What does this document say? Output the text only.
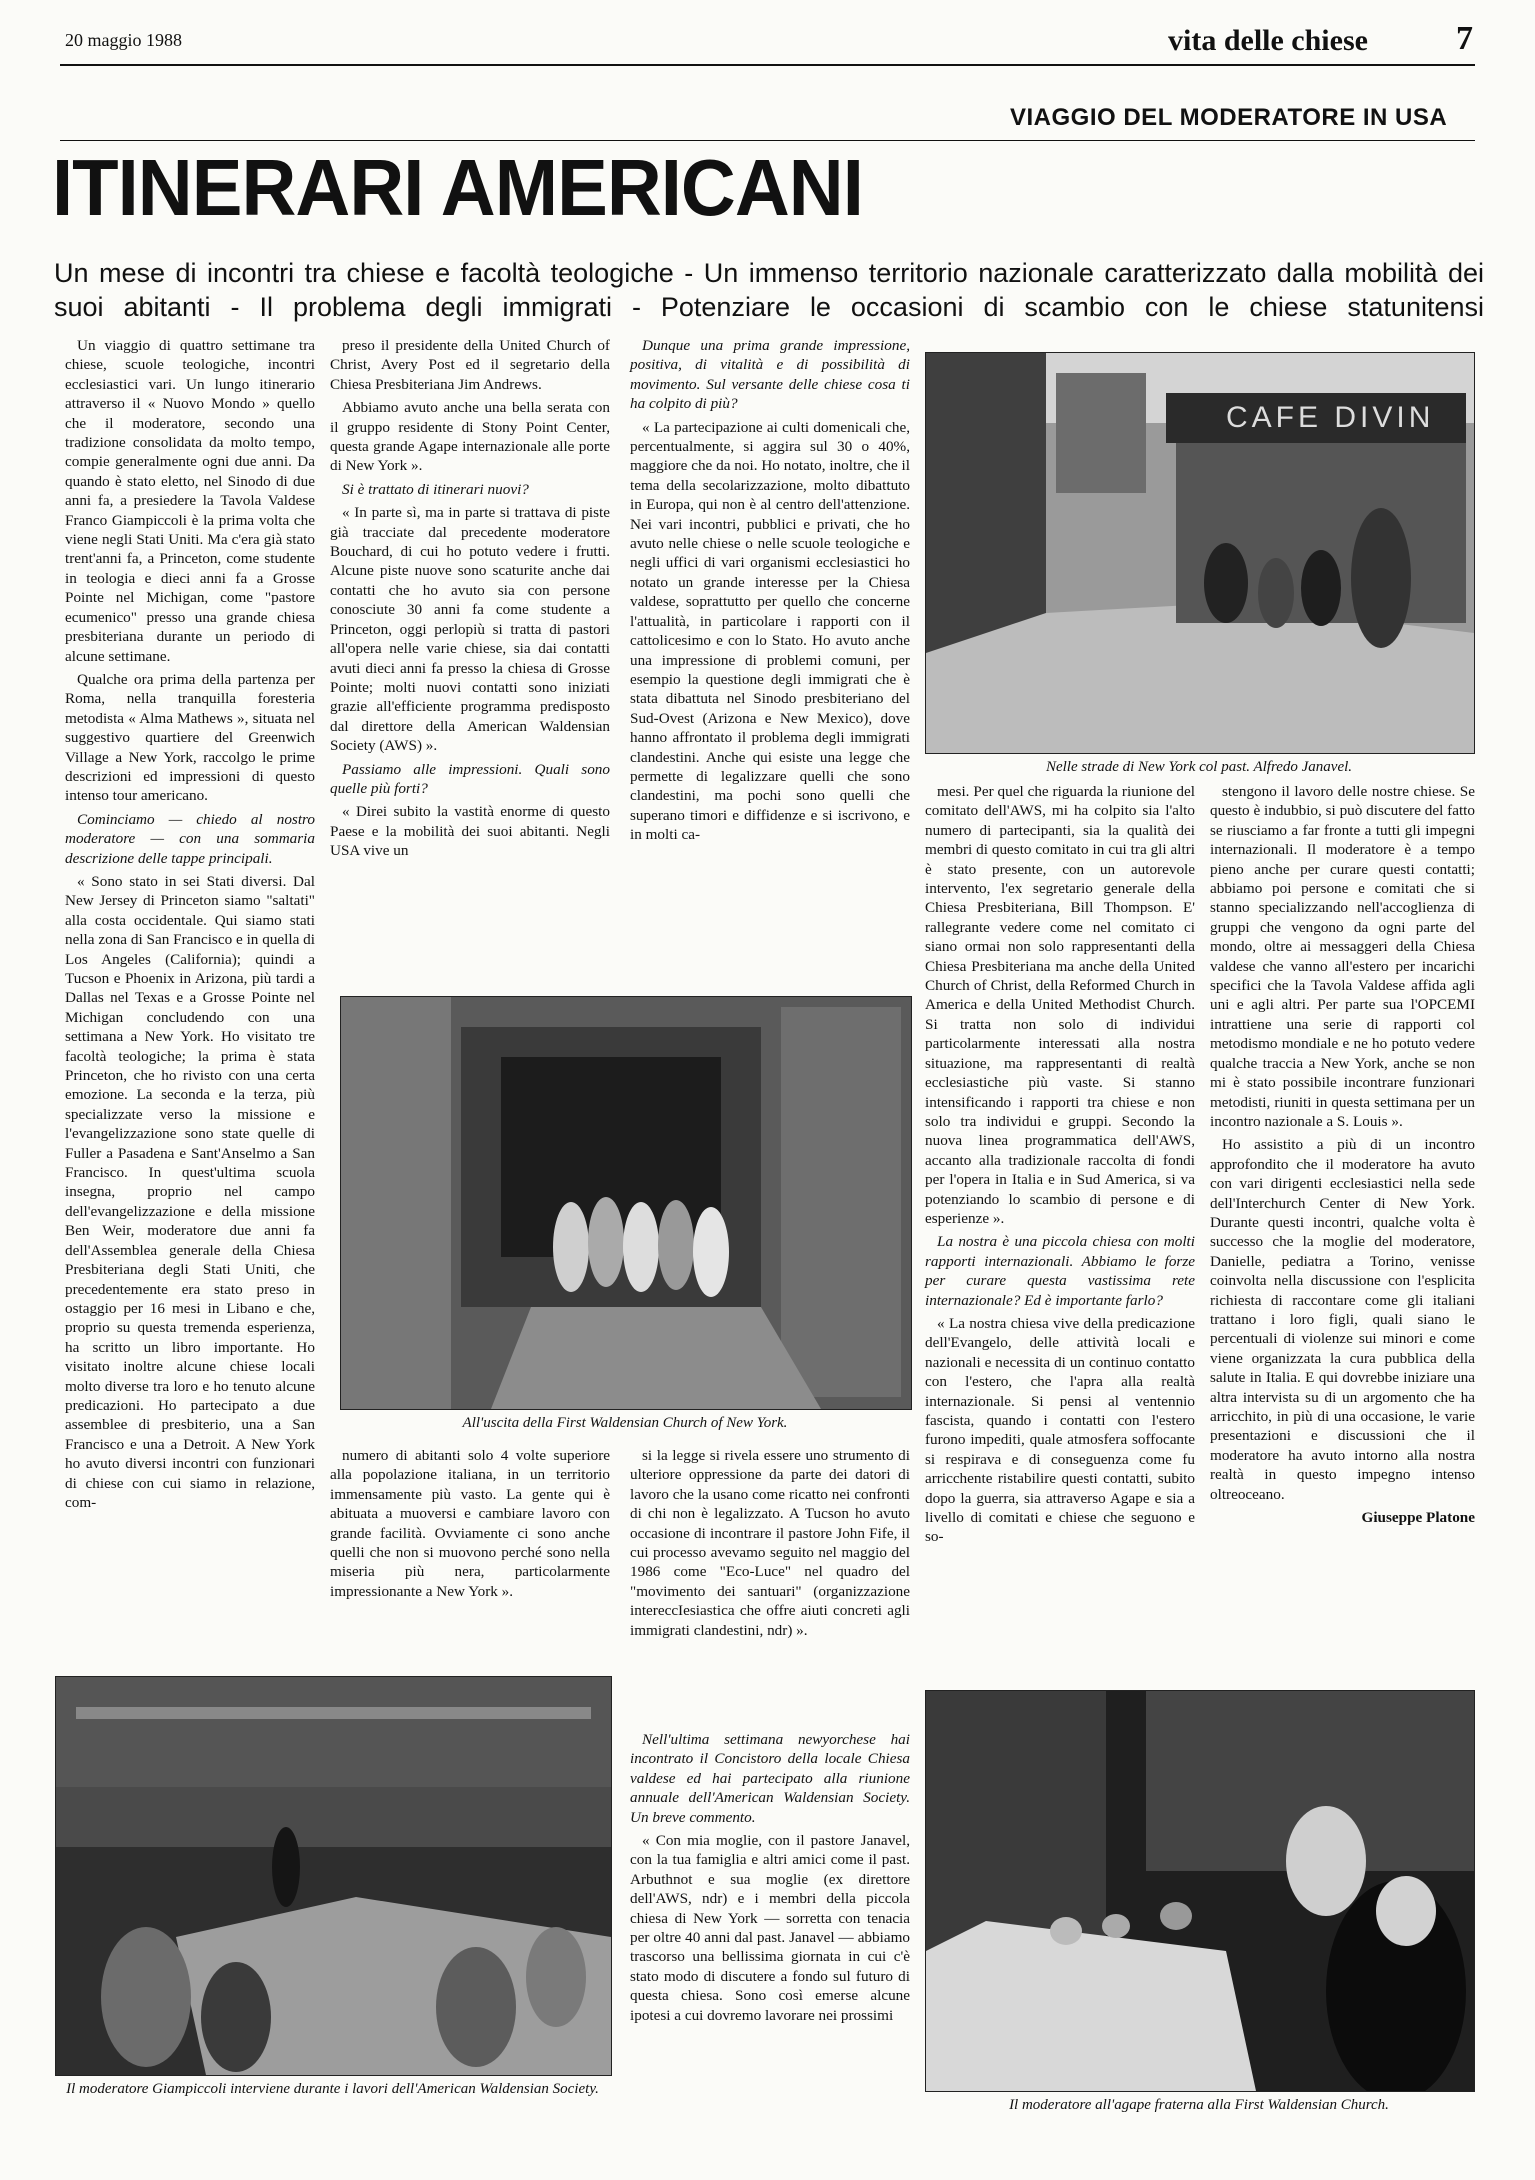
20 maggio 1988	vita delle chiese	7
VIAGGIO DEL MODERATORE IN USA
ITINERARI AMERICANI
Un mese di incontri tra chiese e facoltà teologiche - Un immenso territorio nazionale caratterizzato dalla mobilità dei suoi abitanti - Il problema degli immigrati - Potenziare le occasioni di scambio con le chiese statunitensi

Un viaggio di quattro settimane tra chiese, scuole teologiche, incontri ecclesiastici vari. Un lungo itinerario attraverso il « Nuovo Mondo » quello che il moderatore, secondo una tradizione consolidata da molto tempo, compie generalmente ogni due anni. Da quando è stato eletto, nel Sinodo di due anni fa, a presiedere la Tavola Valdese Franco Giampiccoli è la prima volta che viene negli Stati Uniti. Ma c'era già stato trent'anni fa, a Princeton, come studente in teologia e dieci anni fa a Grosse Pointe nel Michigan, come "pastore ecumenico" presso una grande chiesa presbiteriana durante un periodo di alcune settimane.

Qualche ora prima della partenza per Roma, nella tranquilla foresteria metodista « Alma Mathews », situata nel suggestivo quartiere del Greenwich Village a New York, raccolgo le prime descrizioni ed impressioni di questo intenso tour americano.

Cominciamo — chiedo al nostro moderatore — con una sommaria descrizione delle tappe principali.

« Sono stato in sei Stati diversi. Dal New Jersey di Princeton siamo "saltati" alla costa occidentale. Qui siamo stati nella zona di San Francisco e in quella di Los Angeles (California); quindi a Tucson e Phoenix in Arizona, più tardi a Dallas nel Texas e a Grosse Pointe nel Michigan concludendo con una settimana a New York. Ho visitato tre facoltà teologiche; la prima è stata Princeton, che ho rivisto con una certa emozione. La seconda e la terza, più specializzate verso la missione e l'evangelizzazione sono state quelle di Fuller a Pasadena e Sant'Anselmo a San Francisco. In quest'ultima scuola insegna, proprio nel campo dell'evangelizzazione e della missione Ben Weir, moderatore due anni fa dell'Assemblea generale della Chiesa Presbiteriana degli Stati Uniti, che precedentemente era stato preso in ostaggio per 16 mesi in Libano e che, proprio su questa tremenda esperienza, ha scritto un libro importante. Ho visitato inoltre alcune chiese locali molto diverse tra loro e ho tenuto alcune predicazioni. Ho partecipato a due assemblee di presbiterio, una a San Francisco e una a Detroit. A New York ho avuto diversi incontri con funzionari di chiese con cui siamo in relazione, com-

preso il presidente della United Church of Christ, Avery Post ed il segretario della Chiesa Presbiteriana Jim Andrews.

Abbiamo avuto anche una bella serata con il gruppo residente di Stony Point Center, questa grande Agape internazionale alle porte di New York ».

Si è trattato di itinerari nuovi?

« In parte sì, ma in parte si trattava di piste già tracciate dal precedente moderatore Bouchard, di cui ho potuto vedere i frutti. Alcune piste nuove sono scaturite anche dai contatti che ho avuto sia con persone conosciute 30 anni fa come studente a Princeton, oggi perlopiù si tratta di pastori all'opera nelle varie chiese, sia dai contatti avuti dieci anni fa presso la chiesa di Grosse Pointe; molti nuovi contatti sono iniziati grazie all'efficiente programma predisposto dal direttore della American Waldensian Society (AWS) ».

Passiamo alle impressioni. Quali sono quelle più forti?

« Direi subito la vastità enorme di questo Paese e la mobilità dei suoi abitanti. Negli USA vive un

Dunque una prima grande impressione, positiva, di vitalità e di possibilità di movimento. Sul versante delle chiese cosa ti ha colpito di più?

« La partecipazione ai culti domenicali che, percentualmente, si aggira sul 30 o 40%, maggiore che da noi. Ho notato, inoltre, che il tema della secolarizzazione, molto dibattuto in Europa, qui non è al centro dell'attenzione. Nei vari incontri, pubblici e privati, che ho avuto nelle chiese o nelle scuole teologiche e negli uffici di vari organismi ecclesiastici ho notato un grande interesse per la Chiesa valdese, soprattutto per quello che concerne l'attualità, in particolare i rapporti con il cattolicesimo e con lo Stato. Ho avuto anche una impressione di problemi comuni, per esempio la questione degli immigrati che è stata dibattuta nel Sinodo presbiteriano del Sud-Ovest (Arizona e New Mexico), dove hanno affrontato il problema degli immigrati clandestini. Anche qui esiste una legge che permette di legalizzare quelli che sono clandestini, ma pochi sono quelli che superano timori e diffidenze e si iscrivono, e in molti ca-

CAFE DIVIN
Nelle strade di New York col past. Alfredo Janavel.

mesi. Per quel che riguarda la riunione del comitato dell'AWS, mi ha colpito sia l'alto numero di partecipanti, sia la qualità dei membri di questo comitato in cui tra gli altri è stato presente, con un autorevole intervento, l'ex segretario generale della Chiesa Presbiteriana, Bill Thompson. E' rallegrante vedere come nel comitato ci siano ormai non solo rappresentanti della Chiesa Presbiteriana ma anche della United Church of Christ, della Reformed Church in America e della United Methodist Church. Si tratta non solo di individui particolarmente interessati alla nostra situazione, ma rappresentanti di realtà ecclesiastiche più vaste. Si stanno intensificando i rapporti tra chiese e non solo tra individui e gruppi. Secondo la nuova linea programmatica dell'AWS, accanto alla tradizionale raccolta di fondi per l'opera in Italia e in Sud America, si va potenziando lo scambio di persone e di esperienze ».

La nostra è una piccola chiesa con molti rapporti internazionali. Abbiamo le forze per curare questa vastissima rete internazionale? Ed è importante farlo?

« La nostra chiesa vive della predicazione dell'Evangelo, delle attività locali e nazionali e necessita di un continuo contatto con l'estero, che l'apra alla realtà internazionale. Si pensi al ventennio fascista, quando i contatti con l'estero furono impediti, quale atmosfera soffocante si respirava e di conseguenza come fu arricchente ristabilire questi contatti, subito dopo la guerra, sia attraverso Agape e sia a livello di comitati e chiese che seguono e so-

stengono il lavoro delle nostre chiese. Se questo è indubbio, si può discutere del fatto se riusciamo a far fronte a tutti gli impegni internazionali. Il moderatore è a tempo pieno anche per curare questi contatti; abbiamo poi persone e comitati che si stanno specializzando nell'accoglienza di gruppi che vengono da ogni parte del mondo, oltre ai messaggeri della Chiesa valdese che vanno all'estero per incarichi specifici che la Tavola Valdese affida agli uni e agli altri. Per parte sua l'OPCEMI intrattiene una serie di rapporti col metodismo mondiale e ne ho potuto vedere qualche traccia a New York, anche se non mi è stato possibile incontrare funzionari metodisti, riuniti in questa settimana per un incontro nazionale a S. Louis ».

Ho assistito a più di un incontro approfondito che il moderatore ha avuto con vari dirigenti ecclesiastici nella sede dell'Interchurch Center di New York. Durante questi incontri, qualche volta è successo che la moglie del moderatore, Danielle, pediatra a Torino, venisse coinvolta nella discussione con l'esplicita richiesta di raccontare come gli italiani trattano i loro figli, quali siano le percentuali di violenze sui minori e come viene organizzata la cura pubblica della salute in Italia. E qui dovrebbe iniziare una altra intervista su di un argomento che ha arricchito, in più di una occasione, le varie presentazioni e discussioni che il moderatore ha avuto intorno alla nostra realtà in questo impegno intenso oltreoceano.

Giuseppe Platone

All'uscita della First Waldensian Church of New York.

numero di abitanti solo 4 volte superiore alla popolazione italiana, in un territorio immensamente più vasto. La gente qui è abituata a muoversi e cambiare lavoro con grande facilità. Ovviamente ci sono anche quelli che non si muovono perché sono nella miseria più nera, particolarmente impressionante a New York ».

si la legge si rivela essere uno strumento di ulteriore oppressione da parte dei datori di lavoro che la usano come ricatto nei confronti di chi non è legalizzato. A Tucson ho avuto occasione di incontrare il pastore John Fife, il cui processo avevamo seguito nel maggio del 1986 come "Eco-Luce" nel quadro del "movimento dei santuari" (organizzazione intereccIesiastica che offre aiuti concreti agli immigrati clandestini, ndr) ».

Nell'ultima settimana newyorchese hai incontrato il Concistoro della locale Chiesa valdese ed hai partecipato alla riunione annuale dell'American Waldensian Society. Un breve commento.

« Con mia moglie, con il pastore Janavel, con la tua famiglia e altri amici come il past. Arbuthnot e sua moglie (ex direttore dell'AWS, ndr) e i membri della piccola chiesa di New York — sorretta con tenacia per oltre 40 anni dal past. Janavel — abbiamo trascorso una bellissima giornata in cui c'è stato modo di discutere a fondo sul futuro di questa chiesa. Sono così emerse alcune ipotesi a cui dovremo lavorare nei prossimi

Il moderatore Giampiccoli interviene durante i lavori dell'American Waldensian Society.
Il moderatore all'agape fraterna alla First Waldensian Church.
